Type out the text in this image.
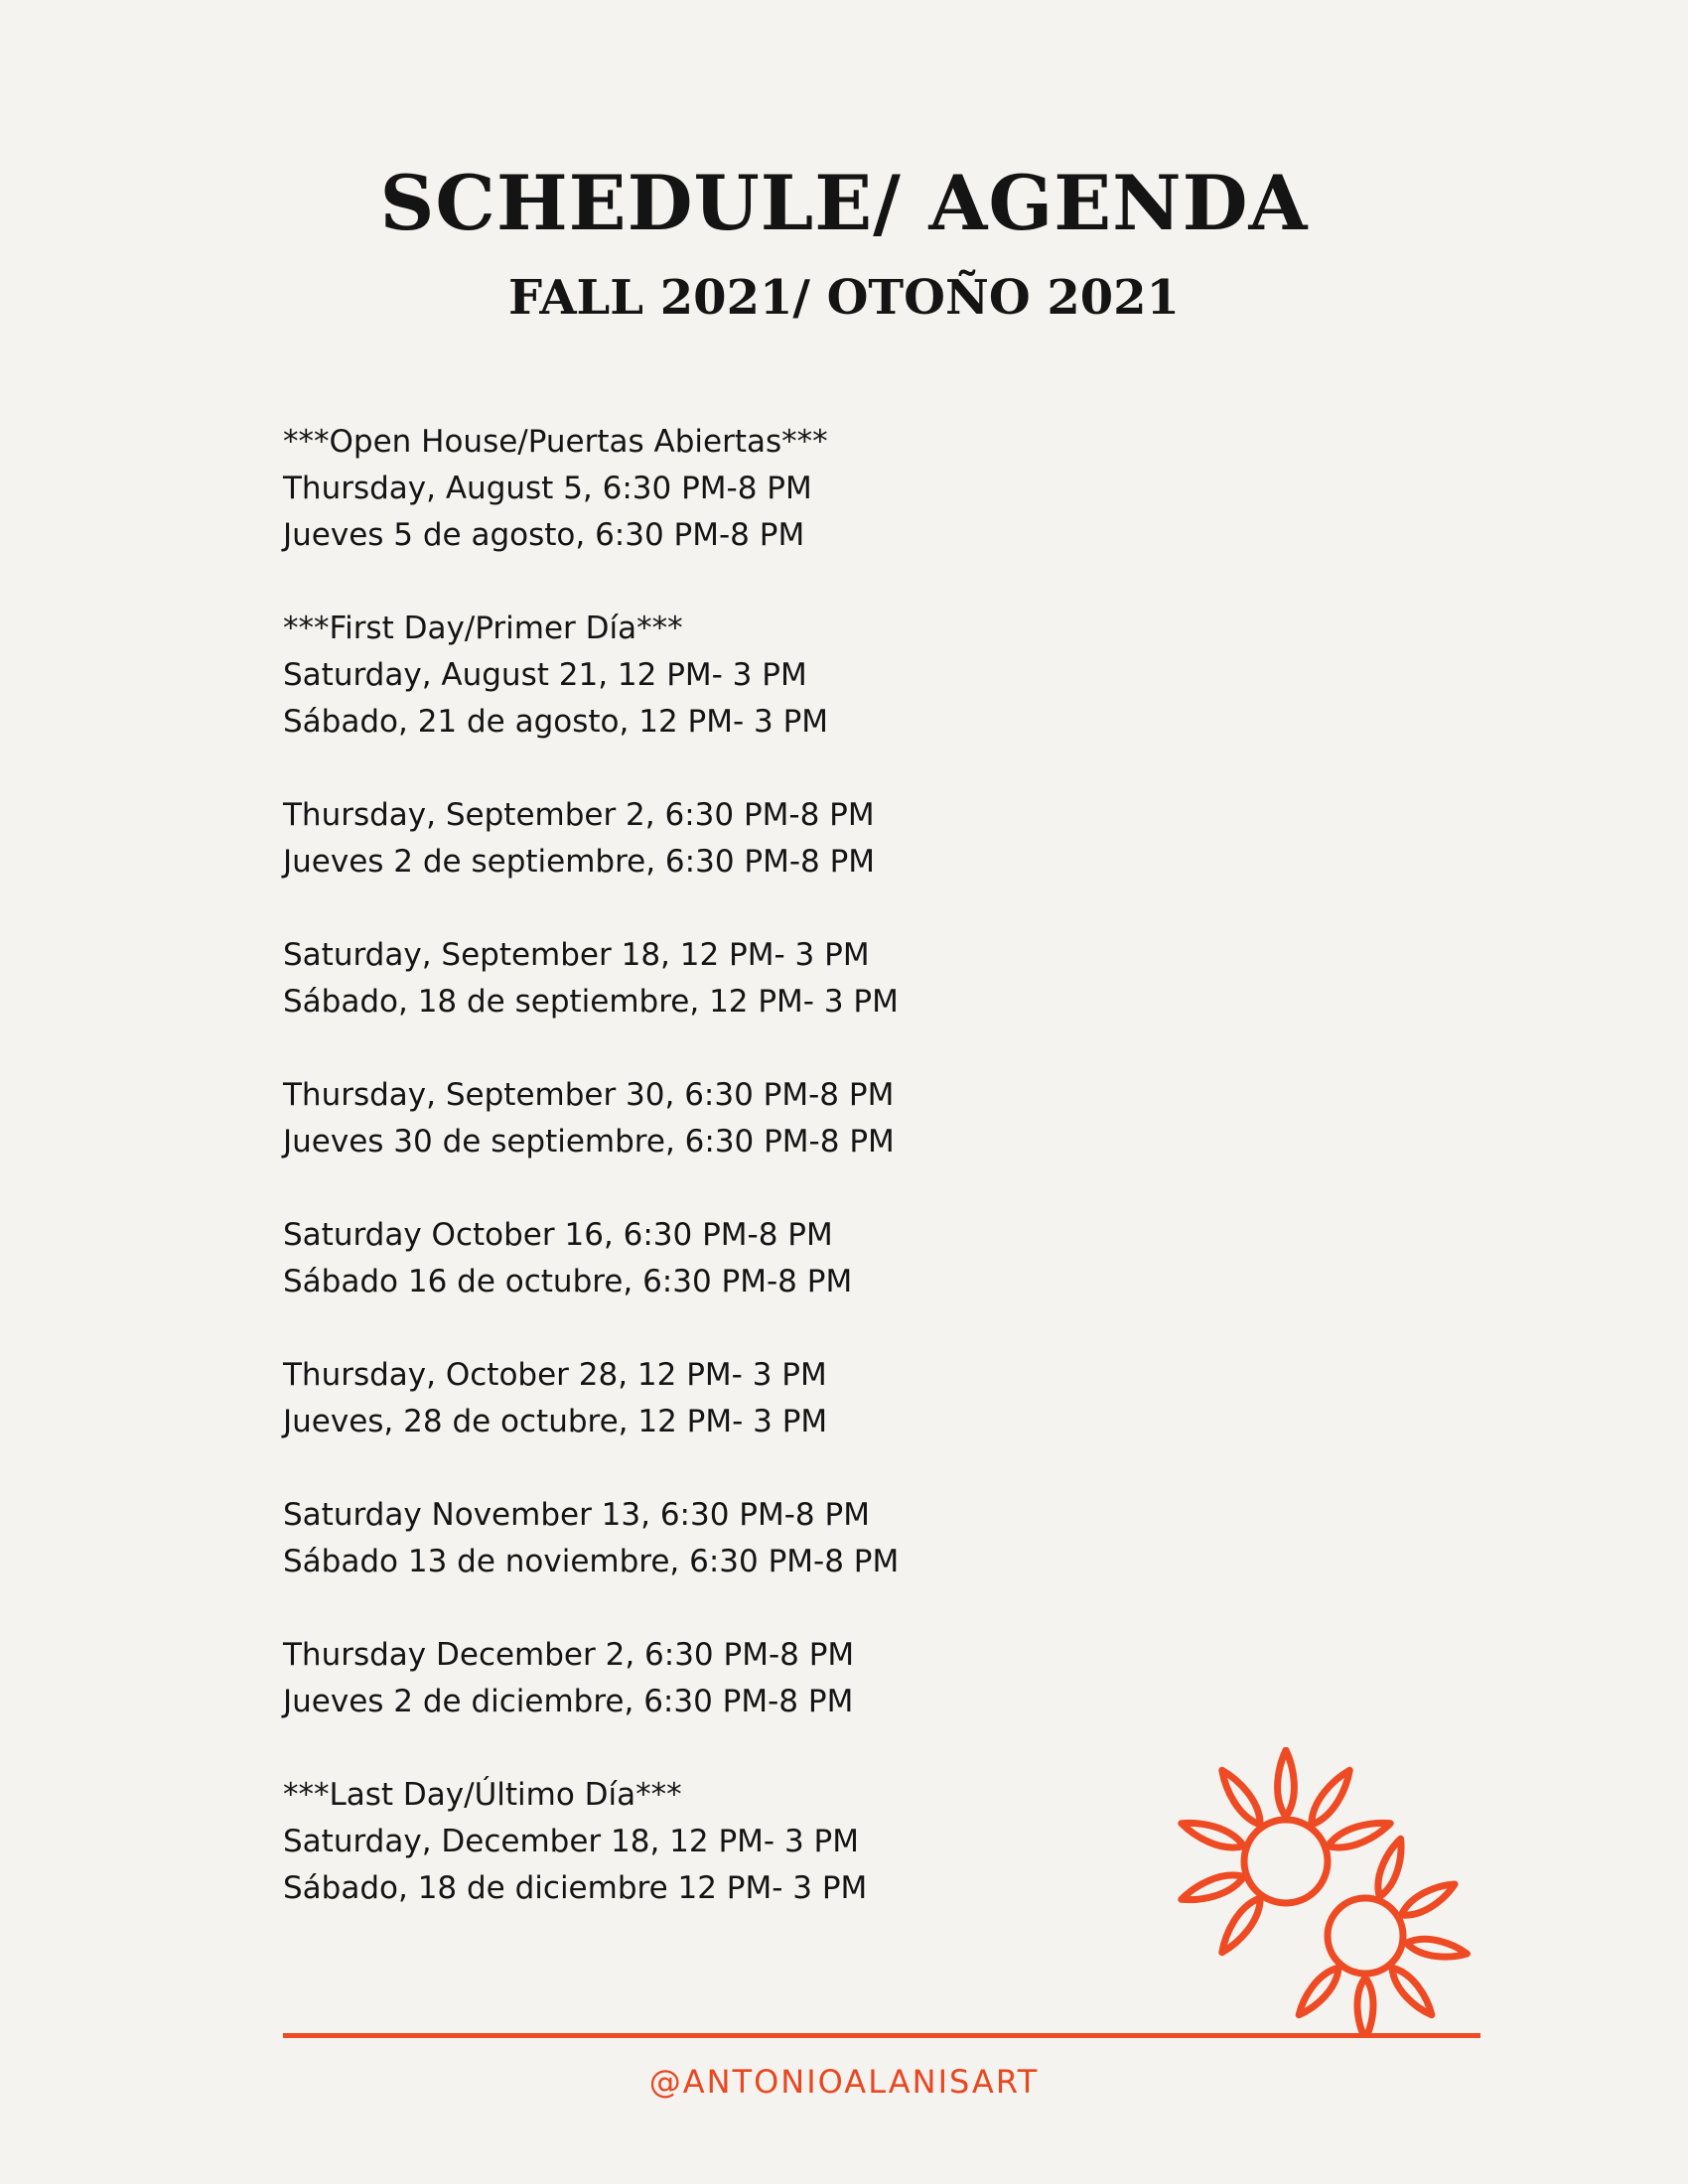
SCHEDULE/ AGENDA
FALL 2021/ OTOÑO 2021
***Open House/Puertas Abiertas***
Thursday, August 5, 6:30 PM-8 PM
Jueves 5 de agosto, 6:30 PM-8 PM
***First Day/Primer Día***
Saturday, August 21, 12 PM- 3 PM
Sábado, 21 de agosto, 12 PM- 3 PM
Thursday, September 2, 6:30 PM-8 PM
Jueves 2 de septiembre, 6:30 PM-8 PM
Saturday, September 18, 12 PM- 3 PM
Sábado, 18 de septiembre, 12 PM- 3 PM
Thursday, September 30, 6:30 PM-8 PM
Jueves 30 de septiembre, 6:30 PM-8 PM
Saturday October 16, 6:30 PM-8 PM
Sábado 16 de octubre, 6:30 PM-8 PM
Thursday, October 28, 12 PM- 3 PM
Jueves, 28 de octubre, 12 PM- 3 PM
Saturday November 13, 6:30 PM-8 PM
Sábado 13 de noviembre, 6:30 PM-8 PM
Thursday December 2, 6:30 PM-8 PM
Jueves 2 de diciembre, 6:30 PM-8 PM
***Last Day/Último Día***
Saturday, December 18, 12 PM- 3 PM
Sábado, 18 de diciembre 12 PM- 3 PM
@ANTONIOALANISART
